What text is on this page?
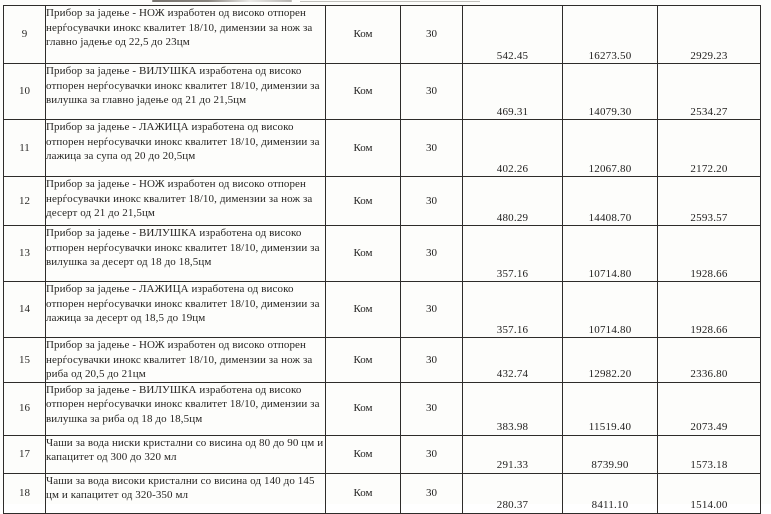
9	Прибор за јадење - НОЖ изработен од високо отпорен нерѓосувачки инокс квалитет 18/10, димензии за нож за главно јадење од 22,5 до 23цм	Ком	30	542.45	16273.50	2929.23
10	Прибор за јадење - ВИЛУШКА изработена од високо отпорен нерѓосувачки инокс квалитет 18/10, димензии за вилушка за главно јадење од 21 до 21,5цм	Ком	30	469.31	14079.30	2534.27
11	Прибор за јадење - ЛАЖИЦА изработена од високо отпорен нерѓосувачки инокс квалитет 18/10, димензии за лажица за супа од 20 до 20,5цм	Ком	30	402.26	12067.80	2172.20
12	Прибор за јадење - НОЖ изработен од високо отпорен нерѓосувачки инокс квалитет 18/10, димензии за нож за десерт од 21 до 21,5цм	Ком	30	480.29	14408.70	2593.57
13	Прибор за јадење - ВИЛУШКА изработена од високо отпорен нерѓосувачки инокс квалитет 18/10, димензии за вилушка за десерт од 18 до 18,5цм	Ком	30	357.16	10714.80	1928.66
14	Прибор за јадење - ЛАЖИЦА изработена од високо отпорен нерѓосувачки инокс квалитет 18/10, димензии за лажица за десерт од 18,5 до 19цм	Ком	30	357.16	10714.80	1928.66
15	Прибор за јадење - НОЖ изработен од високо отпорен нерѓосувачки инокс квалитет 18/10, димензии за нож за риба од 20,5 до 21цм	Ком	30	432.74	12982.20	2336.80
16	Прибор за јадење - ВИЛУШКА изработена од високо отпорен нерѓосувачки инокс квалитет 18/10, димензии за вилушка за риба од 18 до 18,5цм	Ком	30	383.98	11519.40	2073.49
17	Чаши за вода ниски кристални со висина од 80 до 90 цм и капацитет од 300 до 320 мл	Ком	30	291.33	8739.90	1573.18
18	Чаши за вода високи кристални со висина од 140 до 145 цм и капацитет од 320-350 мл	Ком	30	280.37	8411.10	1514.00
